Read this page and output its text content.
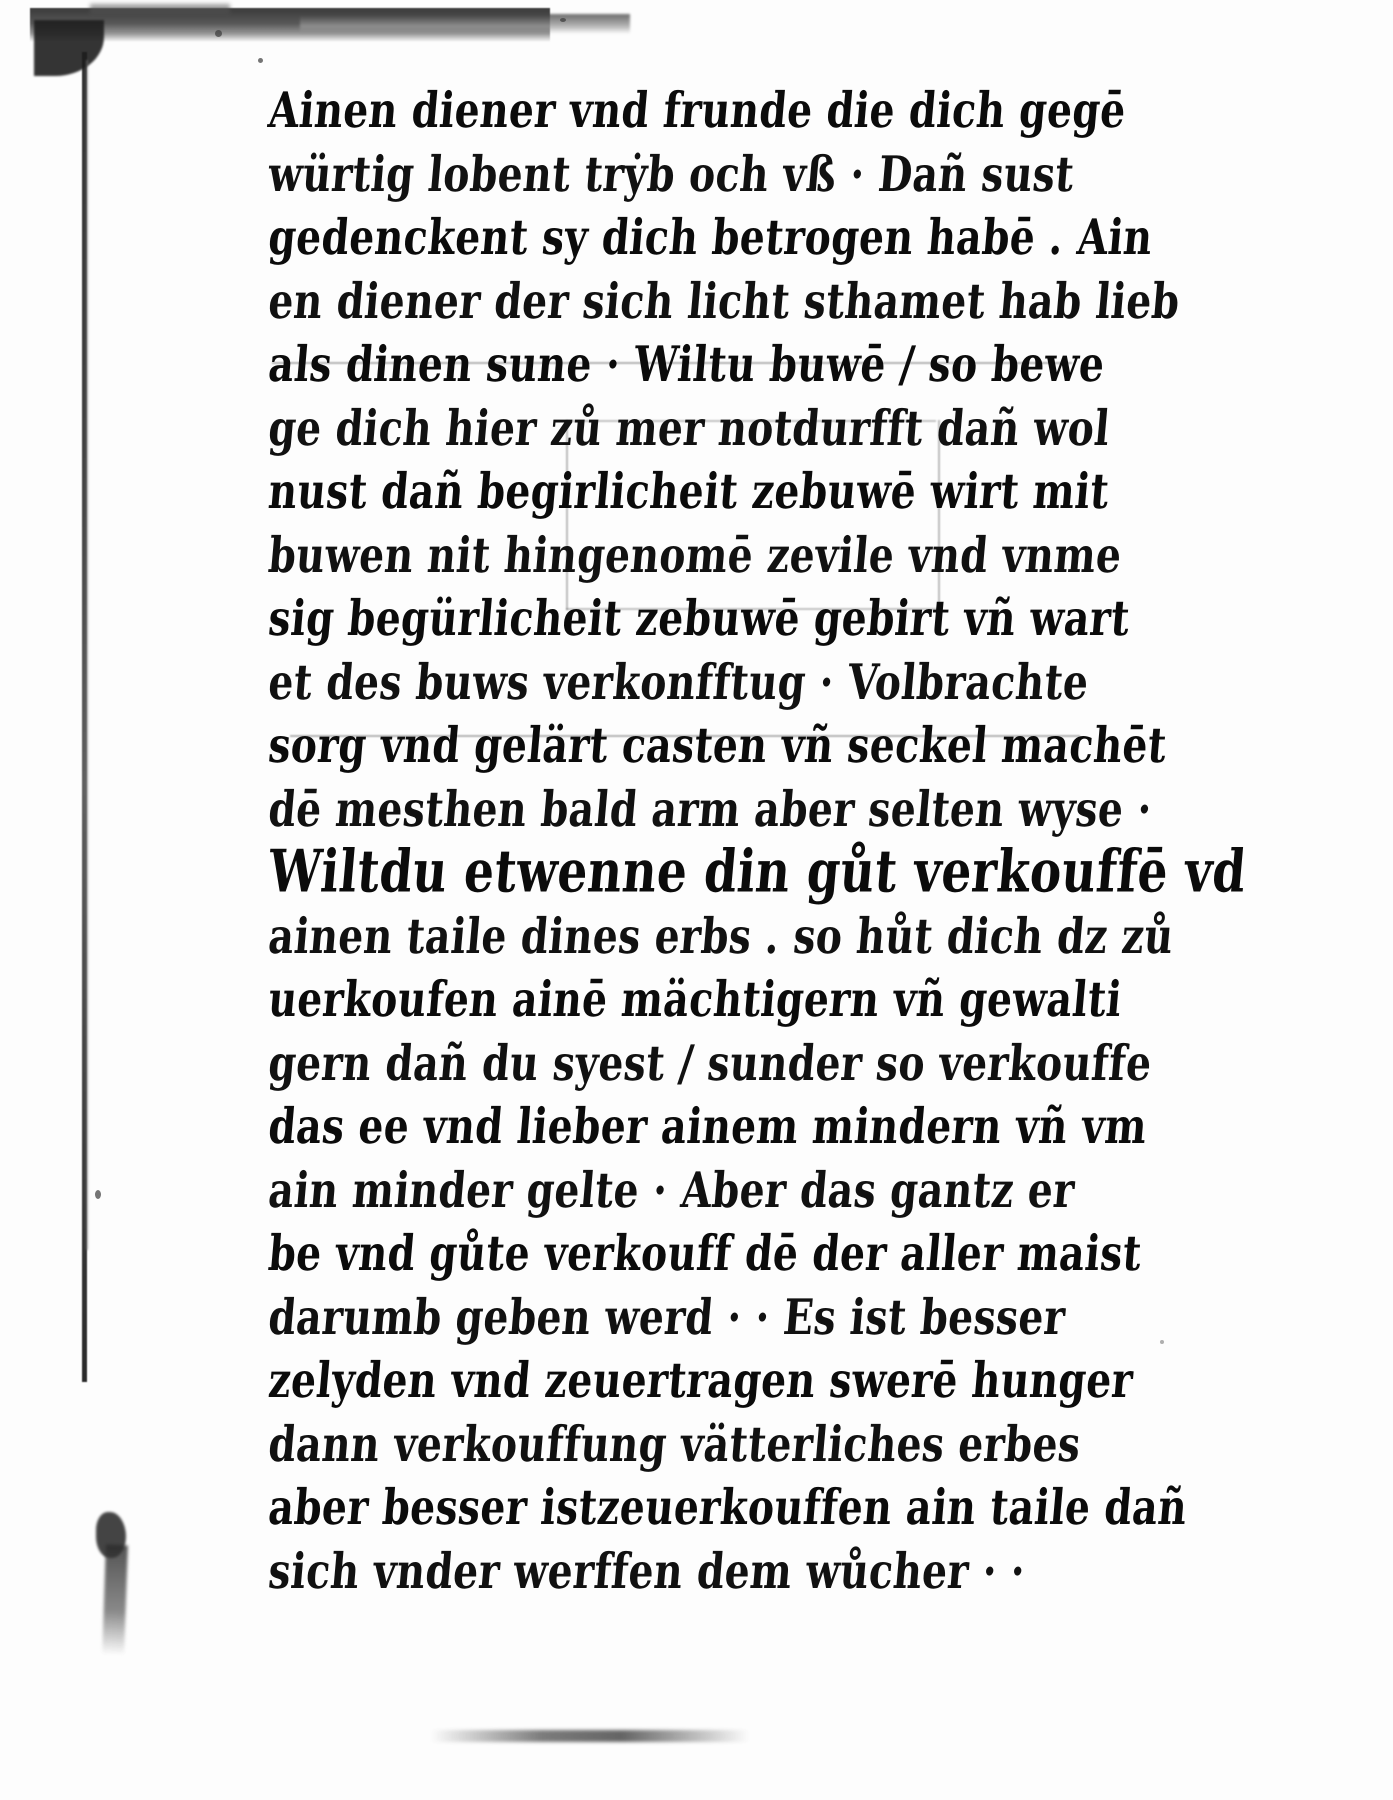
Ainen diener vnd frunde die dich gegē
würtig lobent trẏb och vß · Dañ sust
gedenckent sy dich betrogen habē . Ain
en diener der sich licht sthamet hab lieb
als dinen sune · Wiltu buwē / so bewe
ge dich hier zů mer notdurfft dañ wol
nust dañ begirlicheit zebuwē wirt mit
buwen nit hingenomē zevile vnd vnme
sig begürlicheit zebuwē gebirt vñ wart
et des buws verkonfftug · Volbrachte
sorg vnd gelärt casten vñ seckel machēt
dē mesthen bald arm aber selten wyse ·
Wiltdu etwenne din gůt verkouffē vd
ainen taile dines erbs . so hůt dich dz zů
uerkoufen ainē mächtigern vñ gewalti
gern dañ du syest / sunder so verkouffe
das ee vnd lieber ainem mindern vñ vm
ain minder gelte · Aber das gantz er
be vnd gůte verkouff dē der aller maist
darumb geben werd · · Es ist besser
zelyden vnd zeuertragen swerē hunger
dann verkouffung vätterliches erbes
aber besser istzeuerkouffen ain taile dañ
sich vnder werffen dem wůcher · ·
